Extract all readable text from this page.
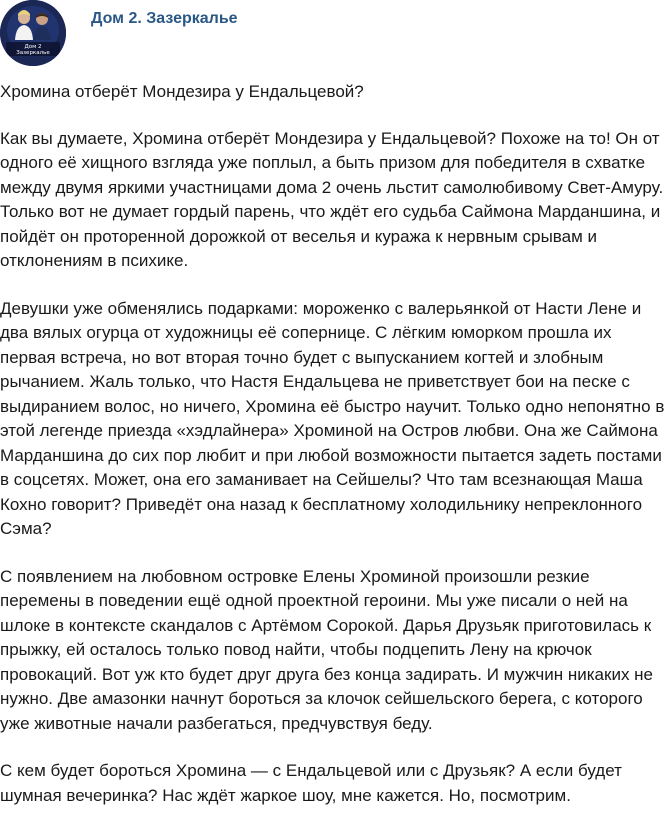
Дом 2
Зазеркалье
Дом 2. Зазеркалье
Хромина отберёт Мондезира у Ендальцевой?
Как вы думаете, Хромина отберёт Мондезира у Ендальцевой? Похоже на то! Он от одного её хищного взгляда уже поплыл, а быть призом для победителя в схватке между двумя яркими участницами дома 2 очень льстит самолюбивому Свет-Амуру. Только вот не думает гордый парень, что ждёт его судьба Саймона Марданшина, и пойдёт он проторенной дорожкой от веселья и куража к нервным срывам и отклонениям в психике.
Девушки уже обменялись подарками: мороженко с валерьянкой от Насти Лене и два вялых огурца от художницы её сопернице. С лёгким юморком прошла их первая встреча, но вот вторая точно будет с выпусканием когтей и злобным рычанием. Жаль только, что Настя Ендальцева не приветствует бои на песке с выдиранием волос, но ничего, Хромина её быстро научит. Только одно непонятно в этой легенде приезда «хэдлайнера» Хроминой на Остров любви. Она же Саймона Марданшина до сих пор любит и при любой возможности пытается задеть постами в соцсетях. Может, она его заманивает на Сейшелы? Что там всезнающая Маша Кохно говорит? Приведёт она назад к бесплатному холодильнику непреклонного Сэма?
С появлением на любовном островке Елены Хроминой произошли резкие перемены в поведении ещё одной проектной героини. Мы уже писали о ней на шлоке в контексте скандалов с Артёмом Сорокой. Дарья Друзьяк приготовилась к прыжку, ей осталось только повод найти, чтобы подцепить Лену на крючок провокаций. Вот уж кто будет друг друга без конца задирать. И мужчин никаких не нужно. Две амазонки начнут бороться за клочок сейшельского берега, с которого уже животные начали разбегаться, предчувствуя беду.
С кем будет бороться Хромина — с Ендальцевой или с Друзьяк? А если будет шумная вечеринка? Нас ждёт жаркое шоу, мне кажется. Но, посмотрим.
